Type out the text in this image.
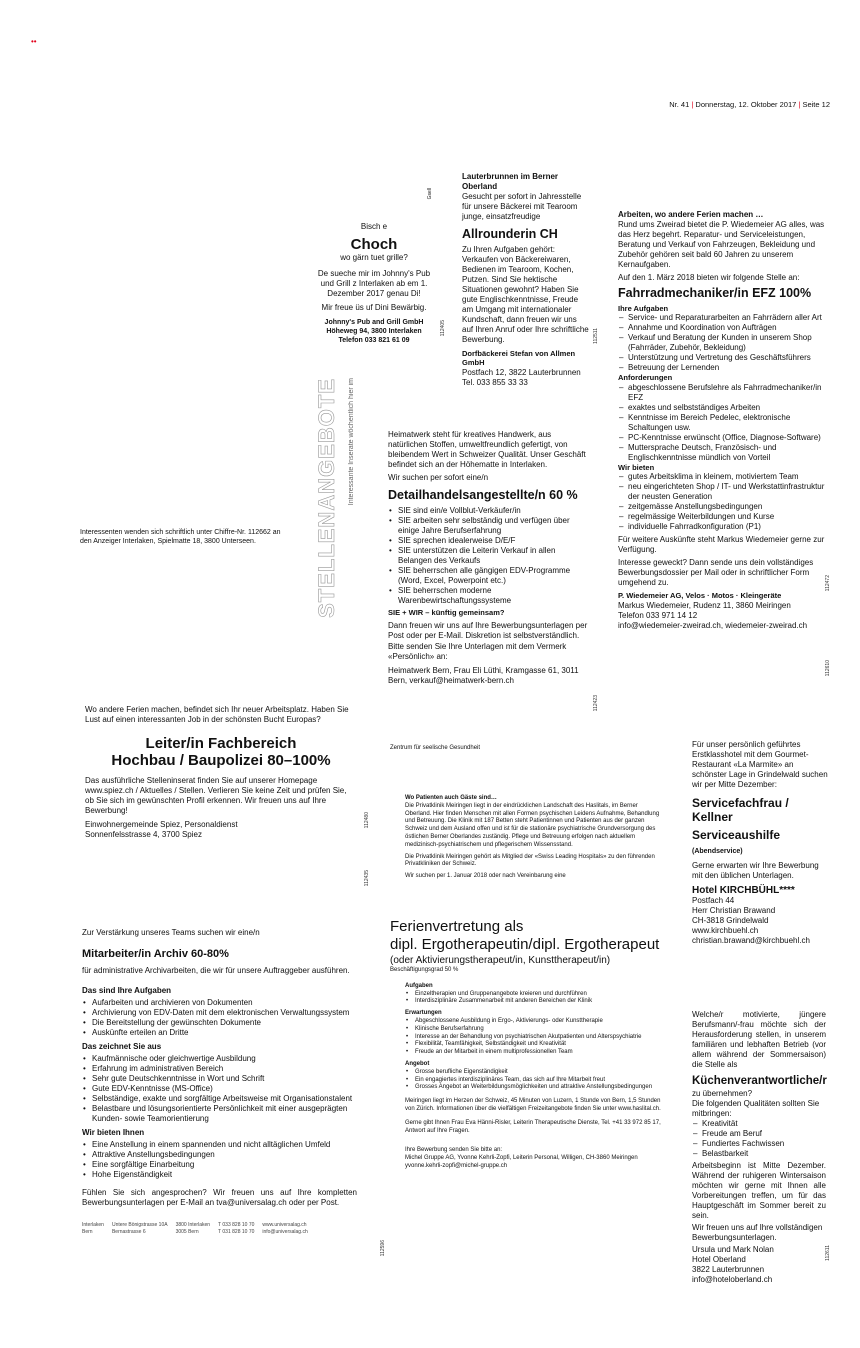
••
Nr. 41 | Donnerstag, 12. Oktober 2017 | Seite 12
Stellenmarkt
Stellengesuche
Stellenangebote
Gsell
Bisch e
Choch
wo gärn tuet grille?
De sueche mir im Johnny's Pub und Grill z Interlaken ab em 1. Dezember 2017 genau Di!
Mir freue üs uf Dini Bewärbig.
Johnny's Pub and Grill GmbH
Höheweg 94, 3800 Interlaken
Telefon 033 821 61 09
112405
Lauterbrunnen im Berner Oberland
Gesucht per sofort in Jahresstelle für unsere Bäckerei mit Tearoom junge, einsatzfreudige
Allrounderin CH
Zu Ihren Aufgaben gehört: Verkaufen von Bäckereiwaren, Bedienen im Tearoom, Kochen, Putzen. Sind Sie hektische Situationen gewohnt? Haben Sie gute Englischkenntnisse, Freude am Umgang mit internationaler Kundschaft, dann freuen wir uns auf Ihren Anruf oder Ihre schriftliche Bewerbung.
Dorfbäckerei Stefan von Allmen GmbH
Postfach 12, 3822 Lauterbrunnen
Tel. 033 855 33 33
112511
Arbeiten, wo andere Ferien machen …
Rund ums Zweirad bietet die P. Wiedemeier AG alles, was das Herz begehrt. Reparatur- und Serviceleistungen, Beratung und Verkauf von Fahrzeugen, Bekleidung und Zubehör gehören seit bald 60 Jahren zu unserem Kernaufgaben.
Auf den 1. März 2018 bieten wir folgende Stelle an:
Fahrradmechaniker/in EFZ 100%
Ihre Aufgaben
– Service- und Reparaturarbeiten an Fahrrädern aller Art
– Annahme und Koordination von Aufträgen
– Verkauf und Beratung der Kunden in unserem Shop (Fahrräder, Zubehör, Bekleidung)
– Unterstützung und Vertretung des Geschäftsführers
– Betreuung der Lernenden
Anforderungen
– abgeschlossene Berufslehre als Fahrradmechaniker/in EFZ
– exaktes und selbstständiges Arbeiten
– Kenntnisse im Bereich Pedelec, elektronische Schaltungen usw.
– PC-Kenntnisse erwünscht (Office, Diagnose-Software)
– Muttersprache Deutsch, Französisch- und Englischkenntnisse mündlich von Vorteil
Wir bieten
– gutes Arbeitsklima in kleinem, motiviertem Team
– neu eingerichteten Shop / IT- und Werkstattinfrastruktur der neusten Generation
– zeitgemässe Anstellungsbedingungen
– regelmässige Weiterbildungen und Kurse
– individuelle Fahrradkonfiguration (P1)
Für weitere Auskünfte steht Markus Wiedemeier gerne zur Verfügung.
Interesse geweckt? Dann sende uns dein vollständiges Bewerbungsdossier per Mail oder in schriftlicher Form umgehend zu.
P. Wiedemeier AG, Velos · Motos · Kleingeräte
Markus Wiedemeier, Rudenz 11, 3860 Meiringen
Telefon 033 971 14 12
info@wiedemeier-zweirad.ch, wiedemeier-zweirad.ch
112472
112610
STELLENANGEBOTE Interessante Inserate wöchentlich hier im
Interessenten wenden sich schriftlich unter Chiffre-Nr. 112662 an den Anzeiger Interlaken, Spielmatte 18, 3800 Unterseen.
Heimatwerk steht für kreatives Handwerk, aus natürlichen Stoffen, umweltfreundlich gefertigt, von bleibendem Wert in Schweizer Qualität. Unser Geschäft befindet sich an der Höhematte in Interlaken.
Wir suchen per sofort eine/n
Detailhandelsangestellte/n 60 %
• SIE sind ein/e Vollblut-Verkäufer/in
• SIE arbeiten sehr selbständig und verfügen über einige Jahre Berufserfahrung
• SIE sprechen idealerweise D/E/F
• SIE unterstützen die Leiterin Verkauf in allen Belangen des Verkaufs
• SIE beherrschen alle gängigen EDV-Programme (Word, Excel, Powerpoint etc.)
• SIE beherrschen moderne Warenbewirtschaftungssysteme
SIE + WIR – künftig gemeinsam?
Dann freuen wir uns auf Ihre Bewerbungsunterlagen per Post oder per E-Mail. Diskretion ist selbstverständlich.
Bitte senden Sie Ihre Unterlagen mit dem Vermerk «Persönlich» an:
Heimatwerk Bern, Frau Eli Lüthi, Kramgasse 61, 3011 Bern, verkauf@heimatwerk-bern.ch
112423
Wo andere Ferien machen, befindet sich Ihr neuer Arbeitsplatz. Haben Sie Lust auf einen interessanten Job in der schönsten Bucht Europas?
Leiter/in Fachbereich
Hochbau / Baupolizei 80–100%
Das ausführliche Stelleninserat finden Sie auf unserer Homepage www.spiez.ch / Aktuelles / Stellen. Verlieren Sie keine Zeit und prüfen Sie, ob Sie sich im gewünschten Profil erkennen. Wir freuen uns auf Ihre Bewerbung!
Einwohnergemeinde Spiez, Personaldienst
Sonnenfelsstrasse 4, 3700 Spiez
112480
112435
Zentrum für seelische Gesundheit
Wo Patienten auch Gäste sind…
Die Privatklinik Meiringen liegt in der eindrücklichen Landschaft des Haslitals, im Berner Oberland. Hier finden Menschen mit allen Formen psychischen Leidens Aufnahme, Behandlung und Betreuung. Die Klinik mit 187 Betten steht Patientinnen und Patienten aus der ganzen Schweiz und dem Ausland offen und ist für die stationäre psychiatrische Grundversorgung des östlichen Berner Oberlandes zuständig. Pflege und Betreuung erfolgen nach aktuellem medizinisch-psychiatrischem und pflegerischem Wissensstand.
Die Privatklinik Meiringen gehört als Mitglied der «Swiss Leading Hospitals» zu den führenden Privatkliniken der Schweiz.
Wir suchen per 1. Januar 2018 oder nach Vereinbarung eine
Ferienvertretung als
dipl. Ergotherapeutin/dipl. Ergotherapeut
(oder Aktivierungstherapeut/in, Kunsttherapeut/in)
Beschäftigungsgrad 50 %
Aufgaben
• Einzeltherapien und Gruppenangebote kreieren und durchführen
• Interdisziplinäre Zusammenarbeit mit anderen Bereichen der Klinik
Erwartungen
• Abgeschlossene Ausbildung in Ergo-, Aktivierungs- oder Kunsttherapie
• Klinische Berufserfahrung
• Interesse an der Behandlung von psychiatrischen Akutpatienten und Alterspsychiatrie
• Flexibilität, Teamfähigkeit, Selbständigkeit und Kreativität
• Freude an der Mitarbeit in einem multiprofessionellen Team
Angebot
• Grosse berufliche Eigenständigkeit
• Ein engagiertes interdisziplinäres Team, das sich auf Ihre Mitarbeit freut
• Grosses Angebot an Weiterbildungsmöglichkeiten und attraktive Anstellungsbedingungen
Meiringen liegt im Herzen der Schweiz, 45 Minuten von Luzern, 1 Stunde von Bern, 1,5 Stunden von Zürich. Informationen über die vielfältigen Freizeitangebote finden Sie unter www.haslital.ch.
Gerne gibt Ihnen Frau Eva Hänni-Risler, Leiterin Therapeutische Dienste, Tel. +41 33 972 85 17, Antwort auf Ihre Fragen.
Ihre Bewerbung senden Sie bitte an:
Michel Gruppe AG, Yvonne Kehrli-Zopfi, Leiterin Personal, Willigen, CH-3860 Meiringen
yvonne.kehrli-zopfi@michel-gruppe.ch
112596
Für unser persönlich geführtes Erstklasshotel mit dem Gourmet-Restaurant «La Marmite» an schönster Lage in Grindelwald suchen wir per Mitte Dezember:
Servicefachfrau / Kellner
Serviceaushilfe (Abendservice)
Gerne erwarten wir Ihre Bewerbung mit den üblichen Unterlagen.
Hotel KIRCHBÜHL****
Postfach 44
Herr Christian Brawand
CH-3818 Grindelwald
www.kirchbuehl.ch
christian.brawand@kirchbuehl.ch
Zur Verstärkung unseres Teams suchen wir eine/n
Mitarbeiter/in Archiv 60-80%
für administrative Archivarbeiten, die wir für unsere Auftraggeber ausführen.
Das sind Ihre Aufgaben
• Aufarbeiten und archivieren von Dokumenten
• Archivierung von EDV-Daten mit dem elektronischen Verwaltungssystem
• Die Bereitstellung der gewünschten Dokumente
• Auskünfte erteilen an Dritte
Das zeichnet Sie aus
• Kaufmännische oder gleichwertige Ausbildung
• Erfahrung im administrativen Bereich
• Sehr gute Deutschkenntnisse in Wort und Schrift
• Gute EDV-Kenntnisse (MS-Office)
• Selbständige, exakte und sorgfältige Arbeitsweise mit Organisationstalent
• Belastbare und lösungsorientierte Persönlichkeit mit einer ausgeprägten Kunden- sowie Teamorientierung
Wir bieten Ihnen
• Eine Anstellung in einem spannenden und nicht alltäglichen Umfeld
• Attraktive Anstellungsbedingungen
• Eine sorgfältige Einarbeitung
• Hohe Eigenständigkeit
Fühlen Sie sich angesprochen? Wir freuen uns auf Ihre kompletten Bewerbungsunterlagen per E-Mail an tva@universalag.ch oder per Post.
Interlaken
Bern
Untere Bönigstrasse 10A
Bernastrasse 6
3800 Interlaken
3005 Bern
T 033 828 10 70
T 031 828 10 70
www.universalag.ch
info@universalag.ch
Welche/r motivierte, jüngere Berufsmann/-frau möchte sich der Herausforderung stellen, in unserem familiären und lebhaften Betrieb (vor allem während der Sommersaison) die Stelle als
Küchenverantwortliche/r
zu übernehmen?
Die folgenden Qualitäten sollten Sie mitbringen:
– Kreativität
– Freude am Beruf
– Fundiertes Fachwissen
– Belastbarkeit
Arbeitsbeginn ist Mitte Dezember. Während der ruhigeren Wintersaison möchten wir gerne mit Ihnen alle Vorbereitungen treffen, um für das Hauptgeschäft im Sommer bereit zu sein.
Wir freuen uns auf Ihre vollständigen Bewerbungsunterlagen.
Ursula und Mark Nolan
Hotel Oberland
3822 Lauterbrunnen
info@hoteloberland.ch
112611
